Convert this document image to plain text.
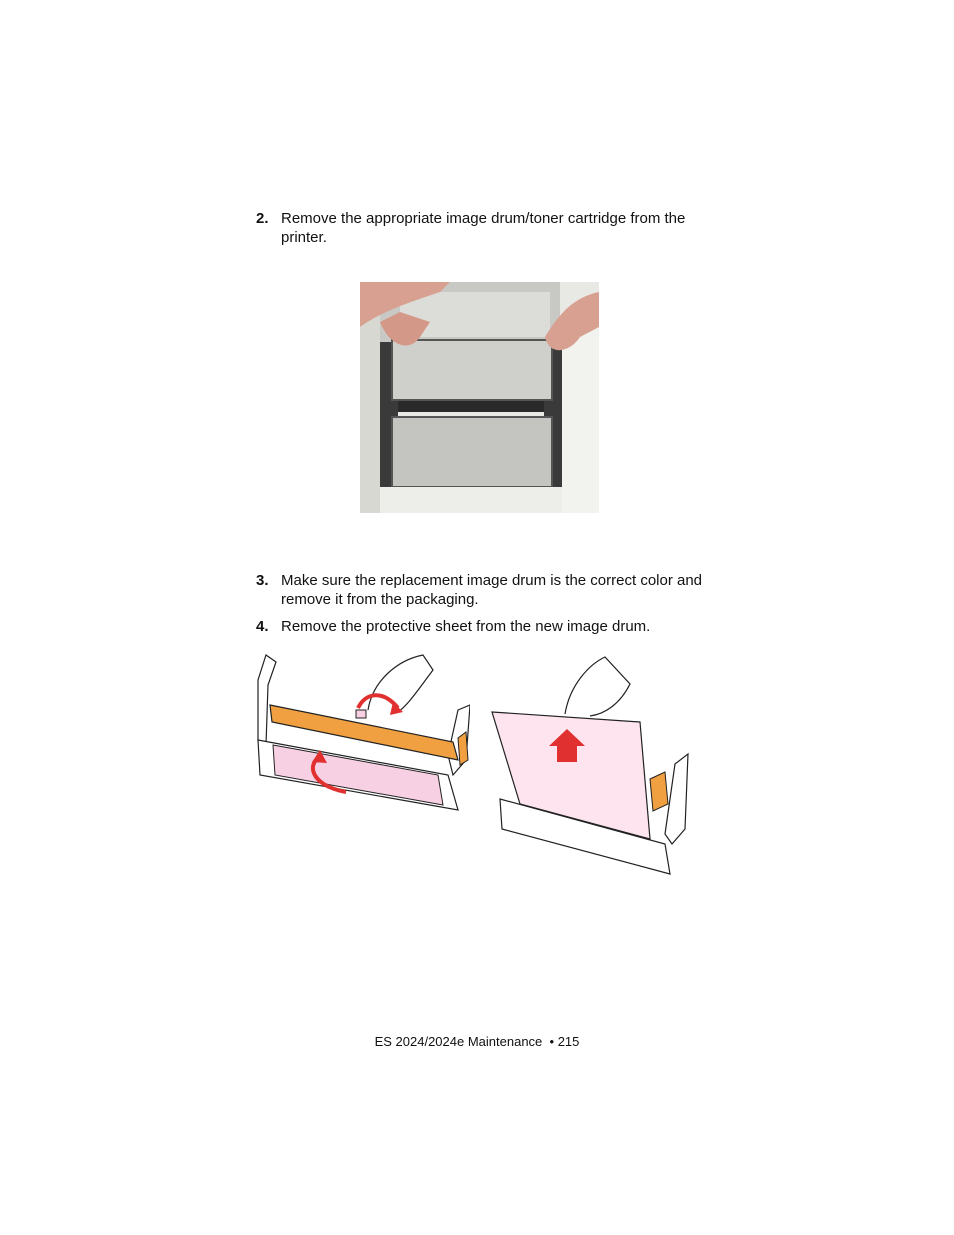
2. Remove the appropriate image drum/toner cartridge from the printer.
3. Make sure the replacement image drum is the correct color and remove it from the packaging.
4. Remove the protective sheet from the new image drum.
ES 2024/2024e Maintenance • 215
